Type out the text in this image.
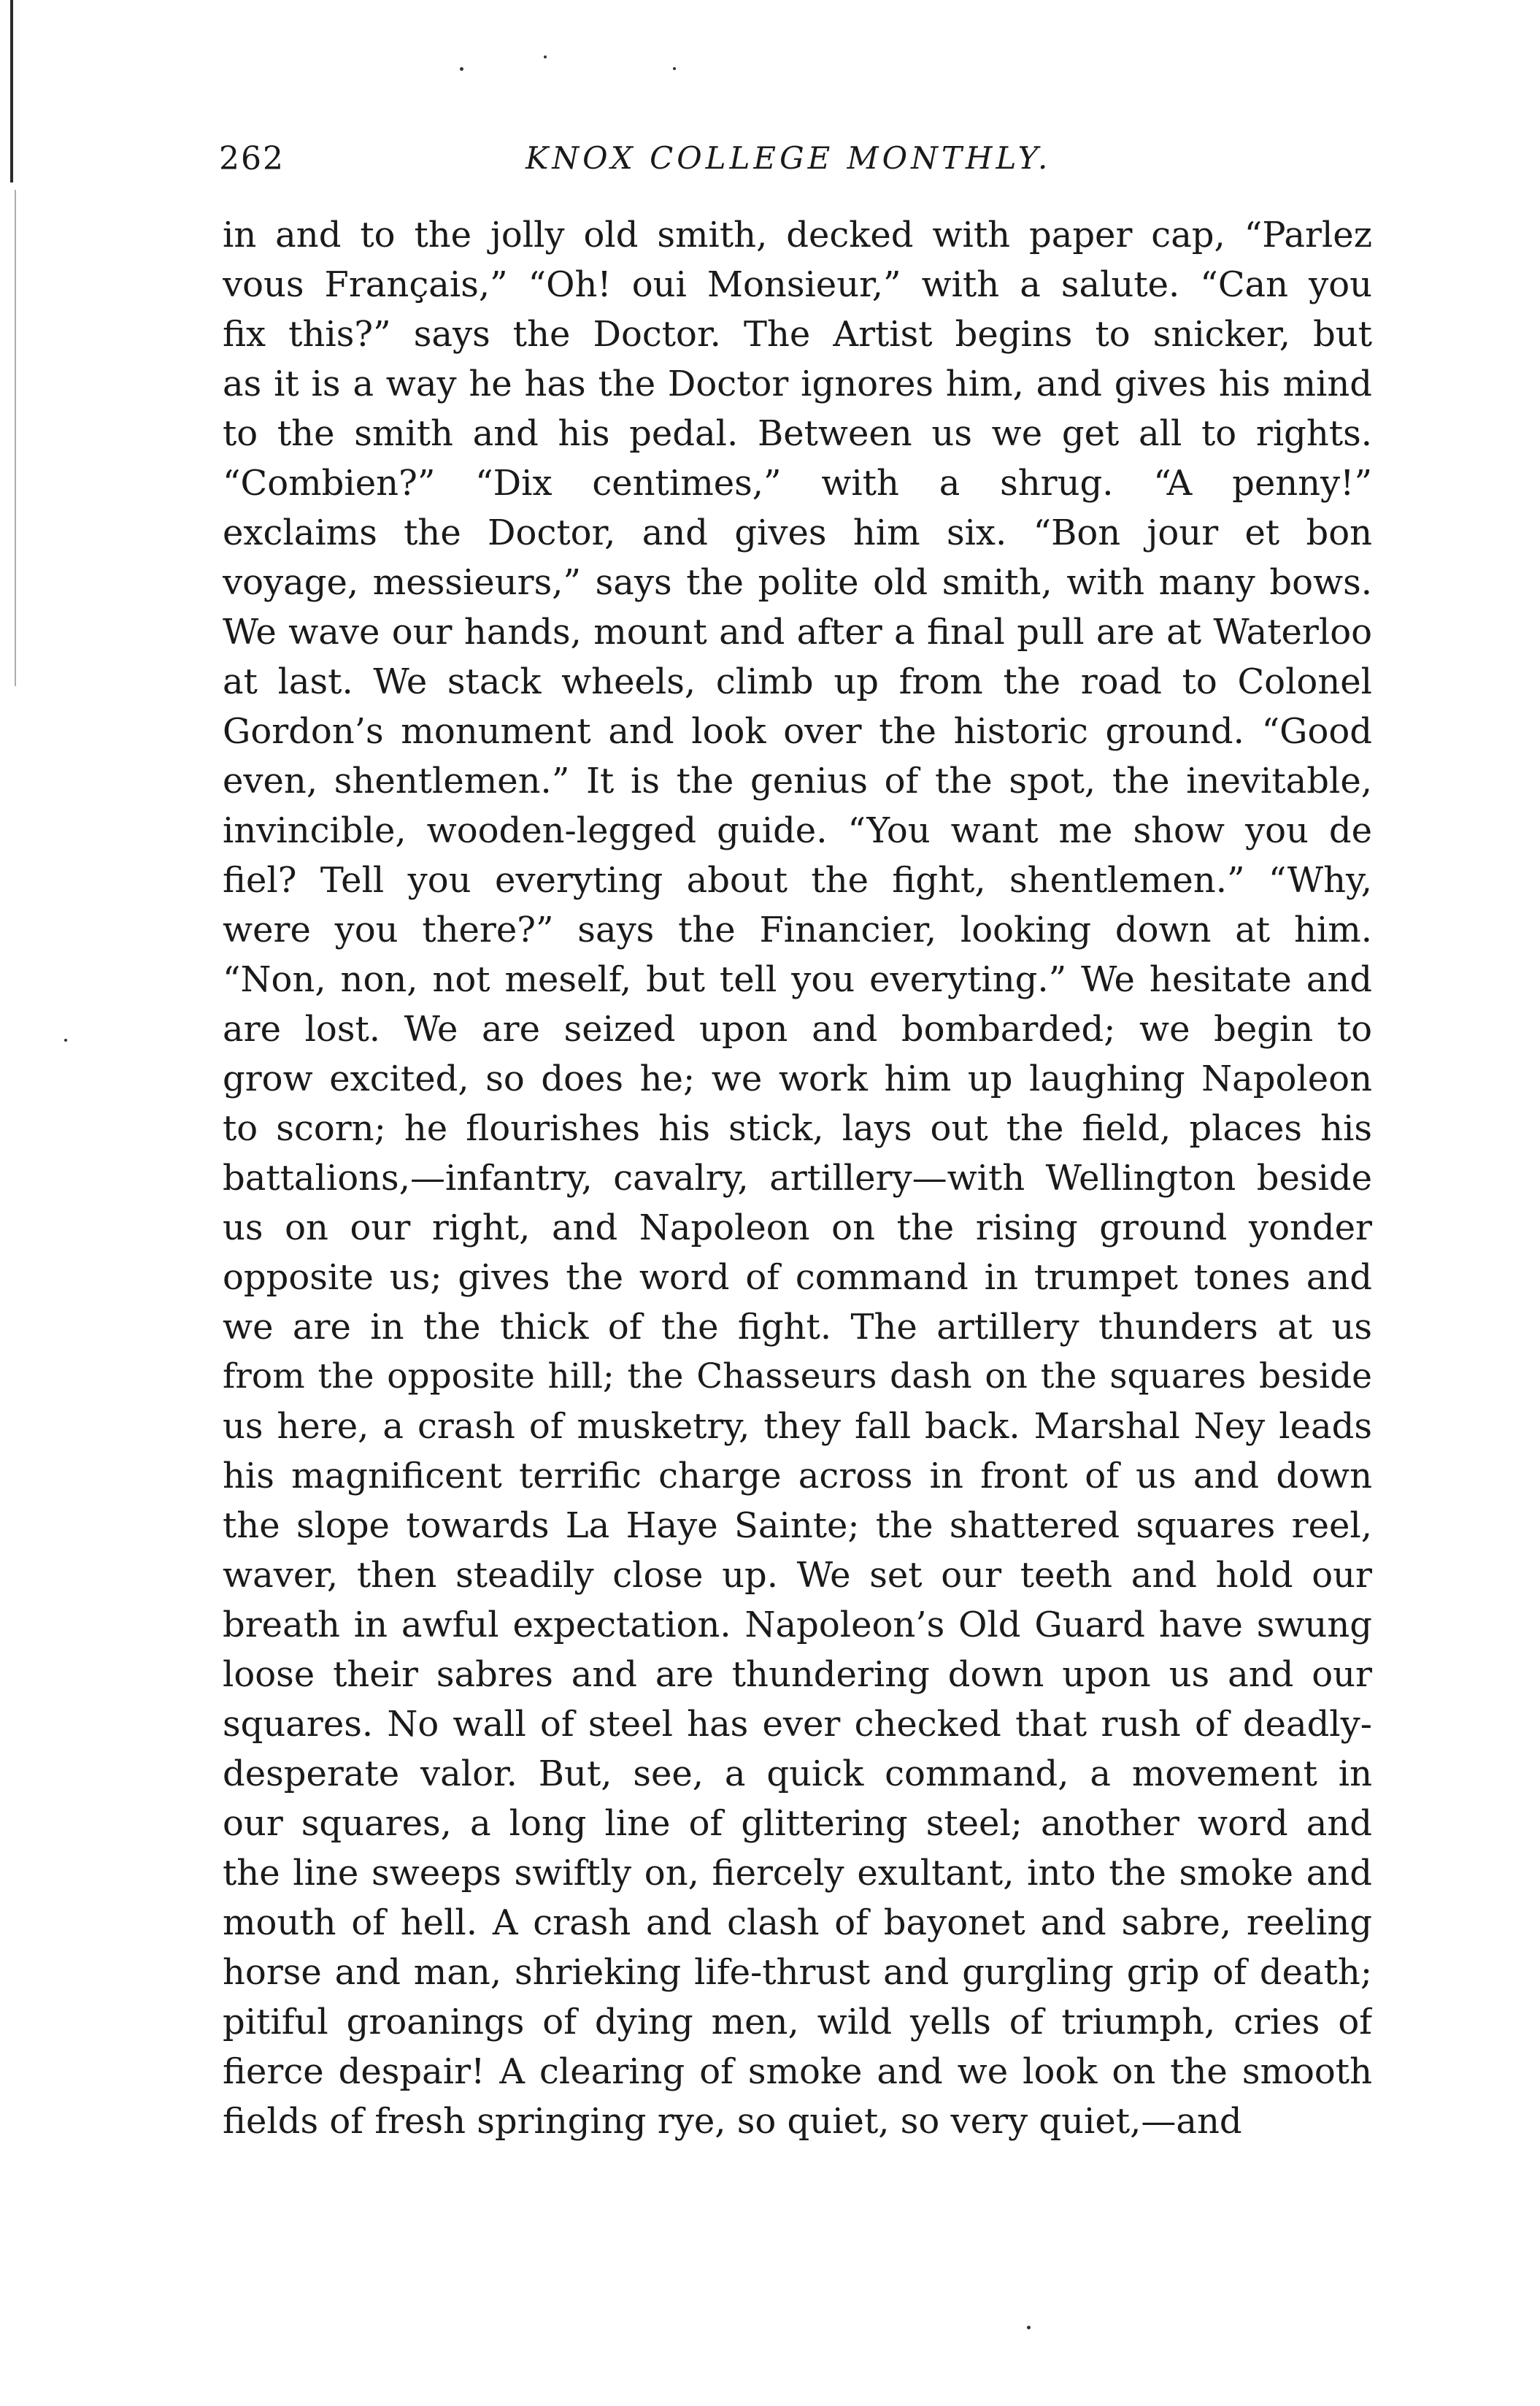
262	KNOX COLLEGE MONTHLY.
in and to the jolly old smith, decked with paper cap, “Parlez
vous Français,” “Oh! oui Monsieur,” with a salute. “Can you
fix this?” says the Doctor. The Artist begins to snicker, but
as it is a way he has the Doctor ignores him, and gives his mind
to the smith and his pedal. Between us we get all to rights.
“Combien?” “Dix centimes,” with a shrug. “A penny!”
exclaims the Doctor, and gives him six. “Bon jour et bon
voyage, messieurs,” says the polite old smith, with many bows.
We wave our hands, mount and after a final pull are at Waterloo
at last. We stack wheels, climb up from the road to Colonel
Gordon’s monument and look over the historic ground. “Good
even, shentlemen.” It is the genius of the spot, the inevitable,
invincible, wooden-legged guide. “You want me show you de
fiel? Tell you everyting about the fight, shentlemen.” “Why,
were you there?” says the Financier, looking down at him.
“Non, non, not meself, but tell you everyting.” We hesitate and
are lost. We are seized upon and bombarded; we begin to
grow excited, so does he; we work him up laughing Napoleon
to scorn; he flourishes his stick, lays out the field, places his
battalions,—infantry, cavalry, artillery—with Wellington beside
us on our right, and Napoleon on the rising ground yonder
opposite us; gives the word of command in trumpet tones and
we are in the thick of the fight. The artillery thunders at us
from the opposite hill; the Chasseurs dash on the squares beside
us here, a crash of musketry, they fall back. Marshal Ney leads
his magnificent terrific charge across in front of us and down
the slope towards La Haye Sainte; the shattered squares reel,
waver, then steadily close up. We set our teeth and hold our
breath in awful expectation. Napoleon’s Old Guard have swung
loose their sabres and are thundering down upon us and our
squares. No wall of steel has ever checked that rush of deadly-
desperate valor. But, see, a quick command, a movement in
our squares, a long line of glittering steel; another word and
the line sweeps swiftly on, fiercely exultant, into the smoke and
mouth of hell. A crash and clash of bayonet and sabre, reeling
horse and man, shrieking life-thrust and gurgling grip of death;
pitiful groanings of dying men, wild yells of triumph, cries of
fierce despair! A clearing of smoke and we look on the smooth
fields of fresh springing rye, so quiet, so very quiet,—and
